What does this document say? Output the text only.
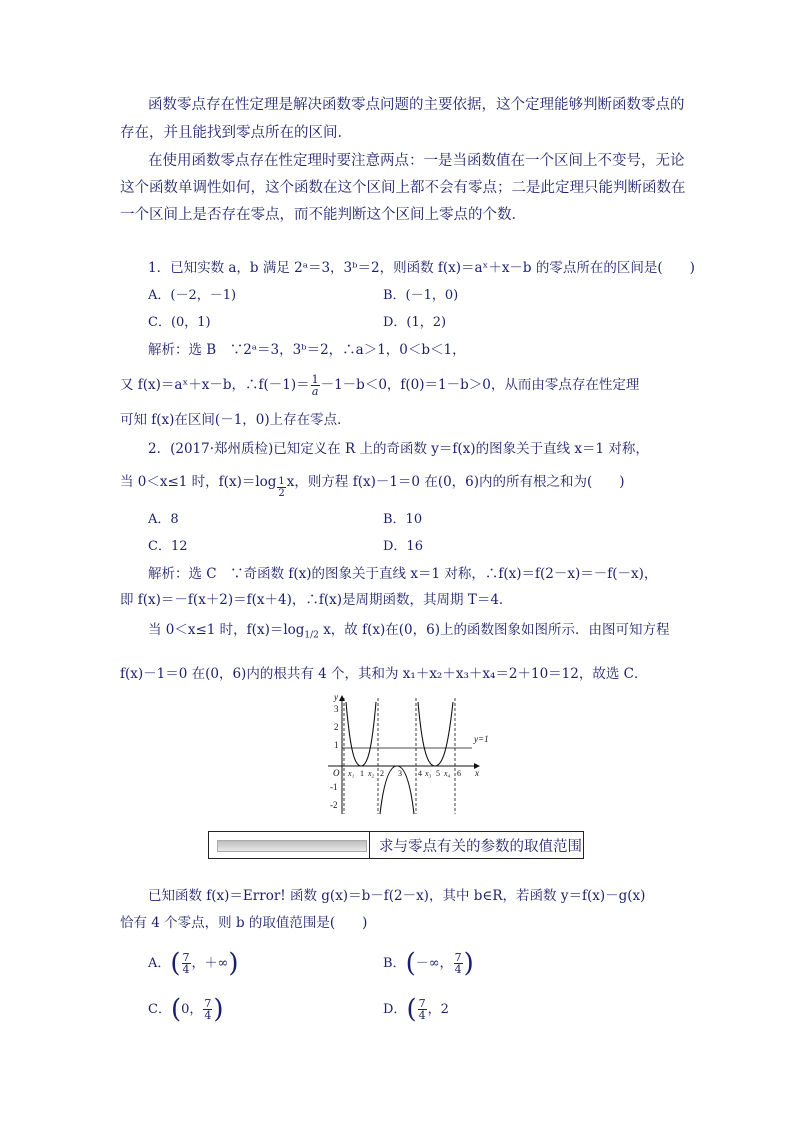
函数零点存在性定理是解决函数零点问题的主要依据，这个定理能够判断函数零点的
存在，并且能找到零点所在的区间．
在使用函数零点存在性定理时要注意两点：一是当函数值在一个区间上不变号，无论
这个函数单调性如何，这个函数在这个区间上都不会有零点；二是此定理只能判断函数在
一个区间上是否存在零点，而不能判断这个区间上零点的个数．
1．已知实数 a，b 满足 2ᵃ＝3，3ᵇ＝2，则函数 f(x)＝aˣ＋x－b 的零点所在的区间是(　　)
A．(－2，－1)	B．(－1，0)
C．(0，1)	D．(1，2)
解析：选 B　∵2ᵃ＝3，3ᵇ＝2，∴a＞1，0＜b＜1，
又 f(x)＝aˣ＋x－b，∴f(－1)＝ $\frac{1}{a} -1-b<0$，f(0)＝1－b＞0，从而由零点存在性定理
可知 f(x)在区间(－1，0)上存在零点．
2．(2017·郑州质检)已知定义在 R 上的奇函数 y＝f(x)的图象关于直线 x＝1 对称，
当 0＜x≤1 时，$f(x)=\log \frac{1}{2}$ x，则方程 f(x)－1＝0 在(0，6)内的所有根之和为(　　)
A．8	B．10
C．12	D．16
解析：选 C　∵奇函数 f(x)的图象关于直线 x＝1 对称，∴f(x)＝f(2－x)＝－f(－x)，
即 f(x)＝－f(x＋2)＝f(x＋4)，∴f(x)是周期函数，其周期 T＝4．
当 0＜x≤1 时，$f(x)=\log_{1/2}$ x，故 f(x)在(0，6)上的函数图象如图所示．由图可知方程
f(x)－1＝0 在(0，6)内的根共有 4 个，其和为 x₁＋x₂＋x₃＋x₄＝2＋10＝12，故选 C．
y
x
O
y=1
3
2
1
-1
-2
x₁ 1 x₂ 2 3 4 x₃ 5 x₄ 6
求与零点有关的参数的取值范围
已知函数 f(x)＝Error! 函数 g(x)＝b－f(2－x)，其中 b∈R，若函数 y＝f(x)－g(x)
恰有 4 个零点，则 b 的取值范围是(　　)
A．( $\frac{7}{4}$ ，＋∞)	B．(－∞， $\frac{7}{4}$ )
C．(0， $\frac{7}{4}$ )	D．( $\frac{7}{4}$ ，2
